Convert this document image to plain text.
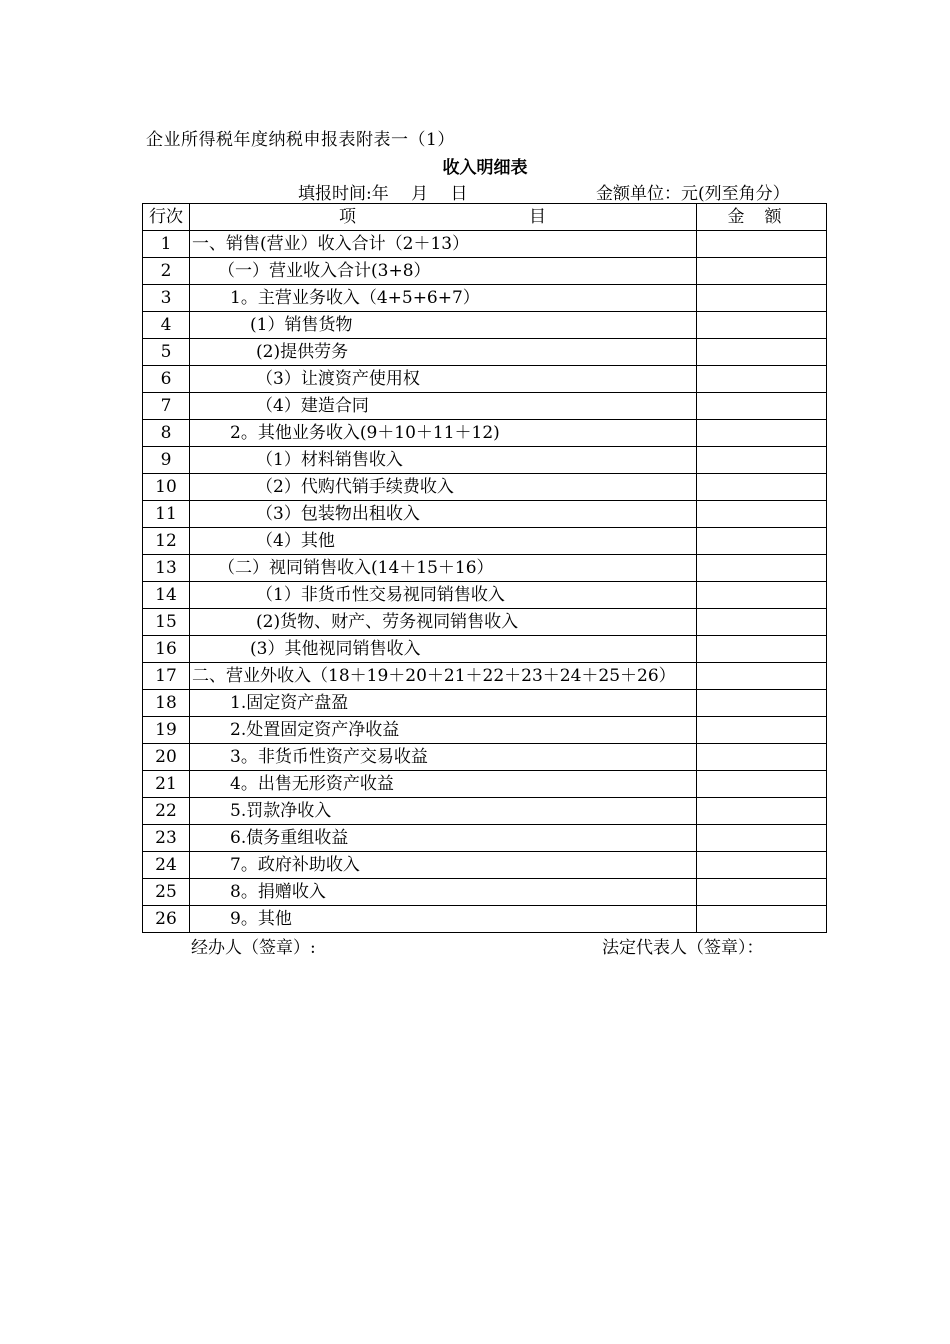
企业所得税年度纳税申报表附表一（1）
收入明细表
填报时间:年　 月　 日	金额单位：元(列至角分）
行次	项 目	金额
1	一、销售(营业）收入合计（2＋13）	
2	（一）营业收入合计(3+8）	
3	1。主营业务收入（4+5+6+7）	
4	(1）销售货物	
5	(2)提供劳务	
6	（3）让渡资产使用权	
7	（4）建造合同	
8	2。其他业务收入(9＋10＋11＋12)	
9	（1）材料销售收入	
10	（2）代购代销手续费收入	
11	（3）包装物出租收入	
12	（4）其他	
13	（二）视同销售收入(14＋15＋16）	
14	（1）非货币性交易视同销售收入	
15	(2)货物、财产、劳务视同销售收入	
16	(3）其他视同销售收入	
17	二、营业外收入（18＋19＋20＋21＋22＋23＋24＋25＋26）	
18	1.固定资产盘盈	
19	2.处置固定资产净收益	
20	3。非货币性资产交易收益	
21	4。出售无形资产收益	
22	5.罚款净收入	
23	6.债务重组收益	
24	7。政府补助收入	
25	8。捐赠收入	
26	9。其他	
经办人（签章）:	法定代表人（签章）：
